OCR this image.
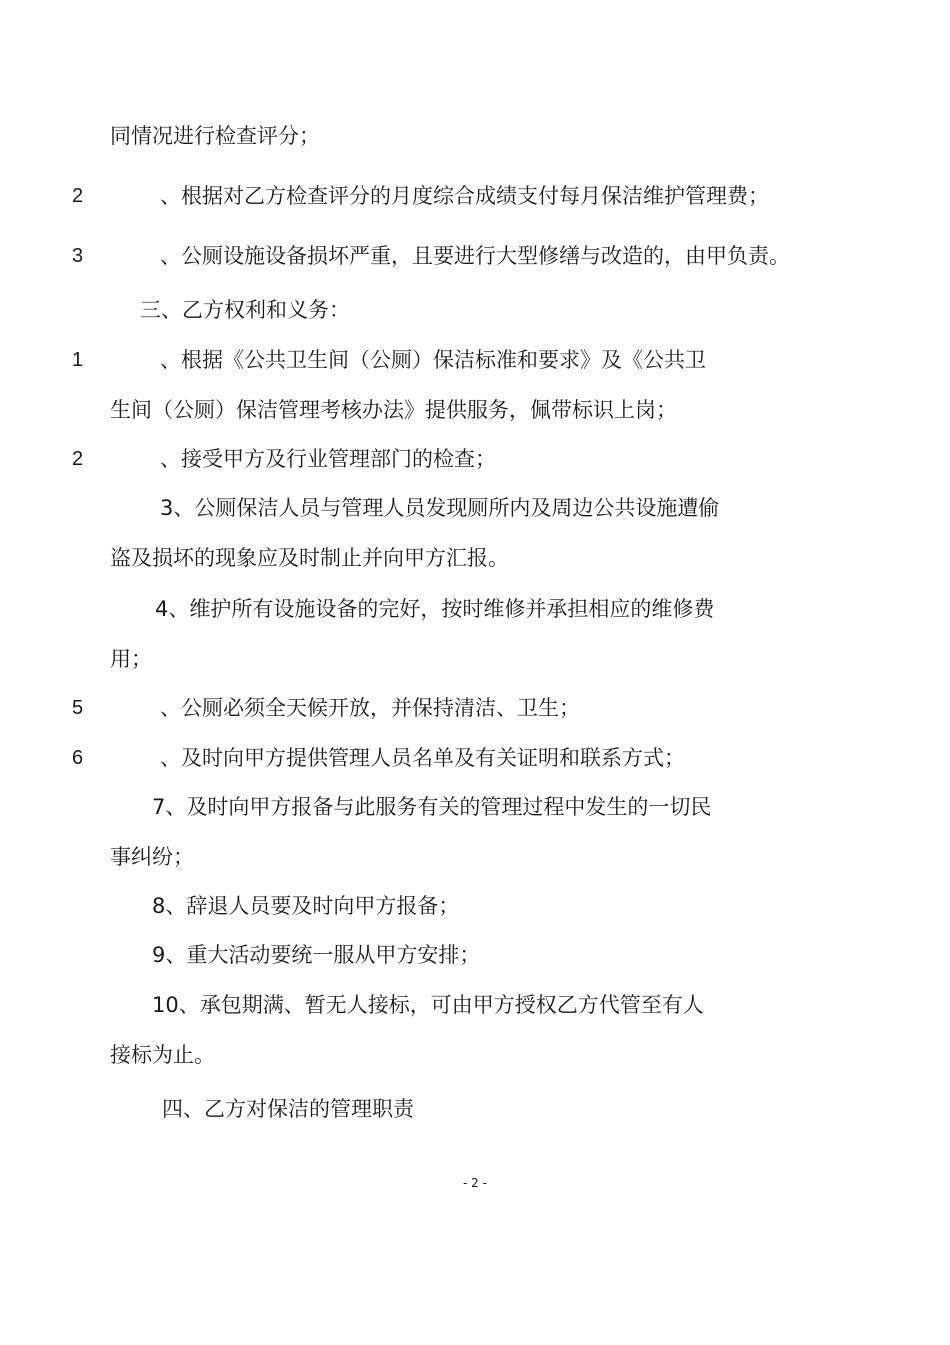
同情况进行检查评分；
2	、根据对乙方检查评分的月度综合成绩支付每月保洁维护管理费；
3	、公厕设施设备损坏严重，且要进行大型修缮与改造的，由甲负责。
三、乙方权利和义务：
1	、根据《公共卫生间（公厕）保洁标准和要求》及《公共卫
生间（公厕）保洁管理考核办法》提供服务，佩带标识上岗；
2	、接受甲方及行业管理部门的检查；
3、公厕保洁人员与管理人员发现厕所内及周边公共设施遭偷
盗及损坏的现象应及时制止并向甲方汇报。
4、维护所有设施设备的完好，按时维修并承担相应的维修费
用；
5	、公厕必须全天候开放，并保持清洁、卫生；
6	、及时向甲方提供管理人员名单及有关证明和联系方式；
7、及时向甲方报备与此服务有关的管理过程中发生的一切民
事纠纷；
8、辞退人员要及时向甲方报备；
9、重大活动要统一服从甲方安排；
10、承包期满、暂无人接标，可由甲方授权乙方代管至有人
接标为止。
四、乙方对保洁的管理职责
- 2 -
